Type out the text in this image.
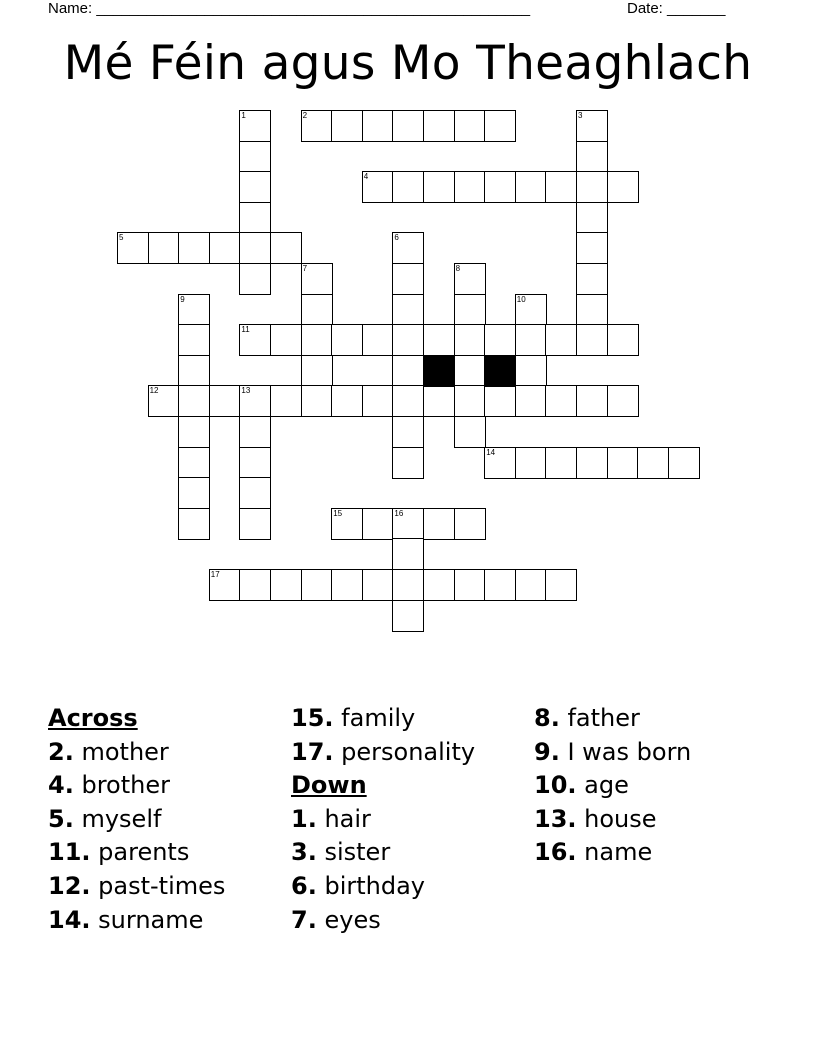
Name: ____________________________________________________	Date: _______
Mé Féin agus Mo Theaghlach
1	2	3
4
5	6
7	8
9	10
11
12	13
14
15	16
17
Across
2. mother
4. brother
5. myself
11. parents
12. past-times
14. surname
15. family
17. personality
Down
1. hair
3. sister
6. birthday
7. eyes
8. father
9. I was born
10. age
13. house
16. name
